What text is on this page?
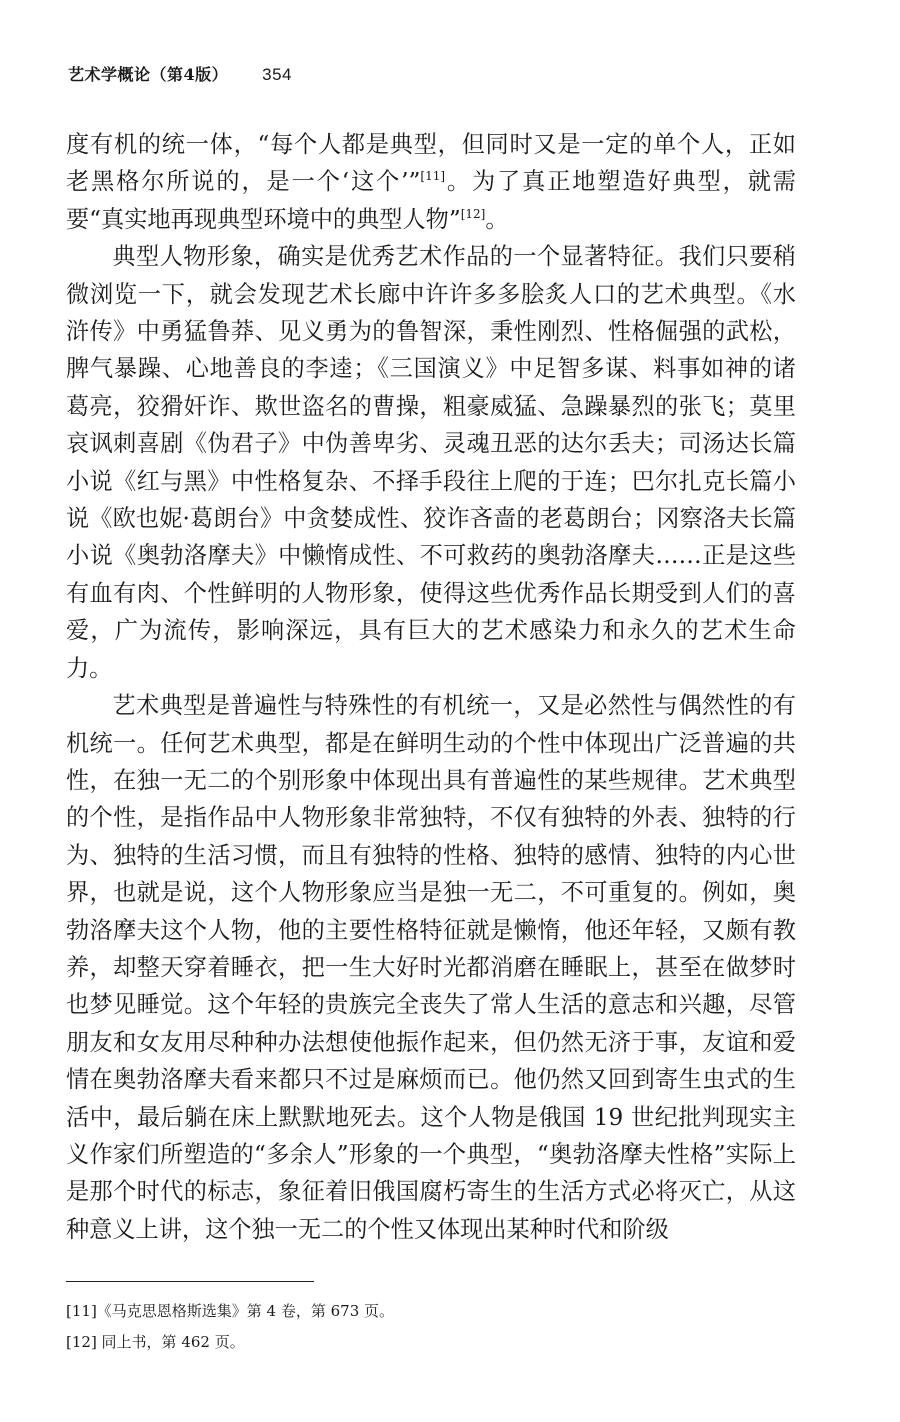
艺术学概论（第4版） 354

度有机的统一体，“每个人都是典型，但同时又是一定的单个人，正如老黑格尔所说的，是一个‘这个’”[11]。为了真正地塑造好典型，就需要“真实地再现典型环境中的典型人物”[12]。

典型人物形象，确实是优秀艺术作品的一个显著特征。我们只要稍微浏览一下，就会发现艺术长廊中许许多多脍炙人口的艺术典型。《水浒传》中勇猛鲁莽、见义勇为的鲁智深，秉性刚烈、性格倔强的武松，脾气暴躁、心地善良的李逵；《三国演义》中足智多谋、料事如神的诸葛亮，狡猾奸诈、欺世盗名的曹操，粗豪威猛、急躁暴烈的张飞；莫里哀讽刺喜剧《伪君子》中伪善卑劣、灵魂丑恶的达尔丢夫；司汤达长篇小说《红与黑》中性格复杂、不择手段往上爬的于连；巴尔扎克长篇小说《欧也妮·葛朗台》中贪婪成性、狡诈吝啬的老葛朗台；冈察洛夫长篇小说《奥勃洛摩夫》中懒惰成性、不可救药的奥勃洛摩夫……正是这些有血有肉、个性鲜明的人物形象，使得这些优秀作品长期受到人们的喜爱，广为流传，影响深远，具有巨大的艺术感染力和永久的艺术生命力。

艺术典型是普遍性与特殊性的有机统一，又是必然性与偶然性的有机统一。任何艺术典型，都是在鲜明生动的个性中体现出广泛普遍的共性，在独一无二的个别形象中体现出具有普遍性的某些规律。艺术典型的个性，是指作品中人物形象非常独特，不仅有独特的外表、独特的行为、独特的生活习惯，而且有独特的性格、独特的感情、独特的内心世界，也就是说，这个人物形象应当是独一无二，不可重复的。例如，奥勃洛摩夫这个人物，他的主要性格特征就是懒惰，他还年轻，又颇有教养，却整天穿着睡衣，把一生大好时光都消磨在睡眠上，甚至在做梦时也梦见睡觉。这个年轻的贵族完全丧失了常人生活的意志和兴趣，尽管朋友和女友用尽种种办法想使他振作起来，但仍然无济于事，友谊和爱情在奥勃洛摩夫看来都只不过是麻烦而已。他仍然又回到寄生虫式的生活中，最后躺在床上默默地死去。这个人物是俄国 19 世纪批判现实主义作家们所塑造的“多余人”形象的一个典型，“奥勃洛摩夫性格”实际上是那个时代的标志，象征着旧俄国腐朽寄生的生活方式必将灭亡，从这种意义上讲，这个独一无二的个性又体现出某种时代和阶级

[11]《马克思恩格斯选集》第 4 卷，第 673 页。
[12] 同上书，第 462 页。
